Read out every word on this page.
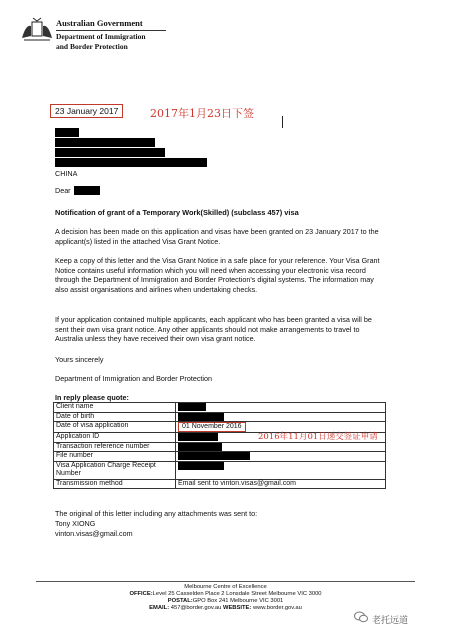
Australian Government
Department of Immigration
and Border Protection
23 January 2017	2017年1月23日下签
CHINA
Dear
Notification of grant of a Temporary Work(Skilled) (subclass 457) visa
A decision has been made on this application and visas have been granted on 23 January 2017 to the applicant(s) listed in the attached Visa Grant Notice.
Keep a copy of this letter and the Visa Grant Notice in a safe place for your reference. Your Visa Grant Notice contains useful information which you will need when accessing your electronic visa record through the Department of Immigration and Border Protection's digital systems. The information may also assist organisations and airlines when undertaking checks.
If your application contained multiple applicants, each applicant who has been granted a visa will be sent their own visa grant notice. Any other applicants should not make arrangements to travel to Australia unless they have received their own visa grant notice.
Yours sincerely
Department of Immigration and Border Protection
In reply please quote:
Client name	
Date of birth	
Date of visa application	01 November 2016
Application ID	
Transaction reference number	
File number	
Visa Application Charge Receipt Number	
Transmission method	Email sent to vinton.visas@gmail.com
2016年11月01日递交签证申请
The original of this letter including any attachments was sent to:
Tony XIONG
vinton.visas@gmail.com
Melbourne Centre of Excellence
OFFICE:Level 25 Casselden Place 2 Lonsdale Street Melbourne VIC 3000
POSTAL:GPO Box 241 Melbourne VIC 3001
EMAIL: 457@border.gov.au WEBSITE: www.border.gov.au
老托远道
